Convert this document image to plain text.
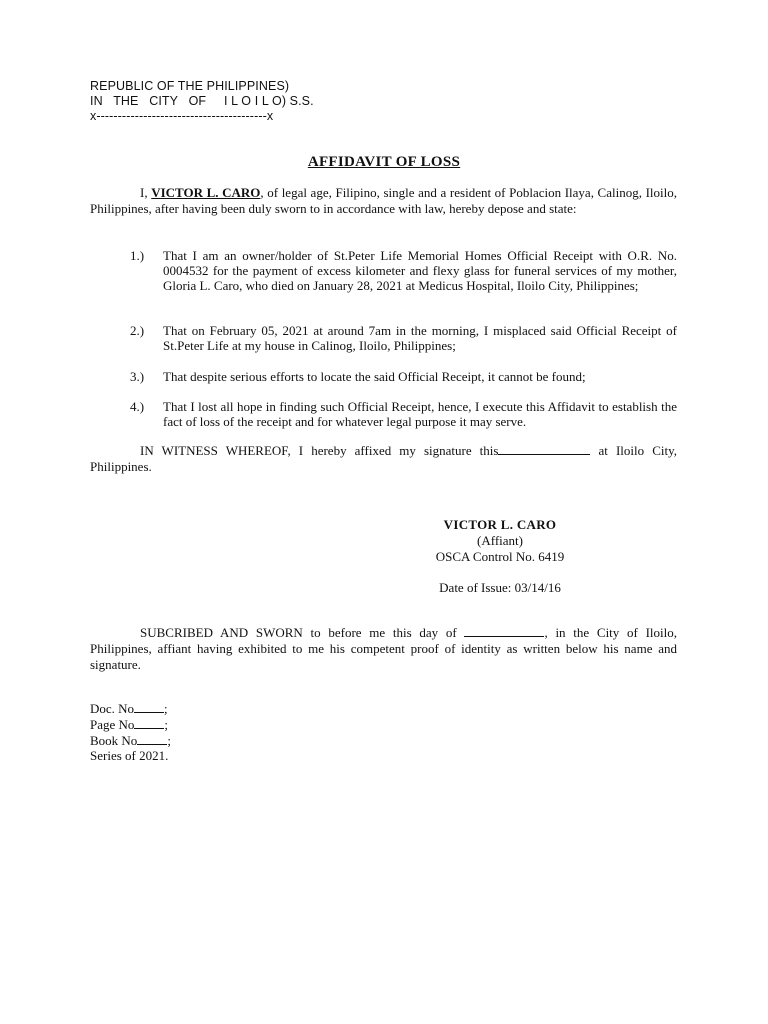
REPUBLIC OF THE PHILIPPINES)
IN   THE   CITY   OF     I L O I L O) S.S.
x----------------------------------------x
AFFIDAVIT OF LOSS
I, VICTOR L. CARO, of legal age, Filipino, single and a resident of Poblacion Ilaya, Calinog, Iloilo, Philippines, after having been duly sworn to in accordance with law, hereby depose and state:
1.)	That I am an owner/holder of St.Peter Life Memorial Homes Official Receipt with O.R. No. 0004532 for the payment of excess kilometer and flexy glass for funeral services of my mother, Gloria L. Caro, who died on January 28, 2021 at Medicus Hospital, Iloilo City, Philippines;
2.)	That on February 05, 2021 at around 7am in the morning, I misplaced said Official Receipt of St.Peter Life at my house in Calinog, Iloilo, Philippines;
3.)	That despite serious efforts to locate the said Official Receipt, it cannot be found;
4.)	That I lost all hope in finding such Official Receipt, hence, I execute this Affidavit to establish the fact of loss of the receipt and for whatever legal purpose it may serve.
IN WITNESS WHEREOF, I hereby affixed my signature this	at Iloilo City, Philippines.
VICTOR L. CARO
(Affiant)
OSCA Control No. 6419
Date of Issue: 03/14/16
SUBCRIBED AND SWORN to before me this day of	, in the City of Iloilo, Philippines, affiant having exhibited to me his competent proof of identity as written below his name and signature.
Doc. No ;
Page No ;
Book No ;
Series of 2021.
